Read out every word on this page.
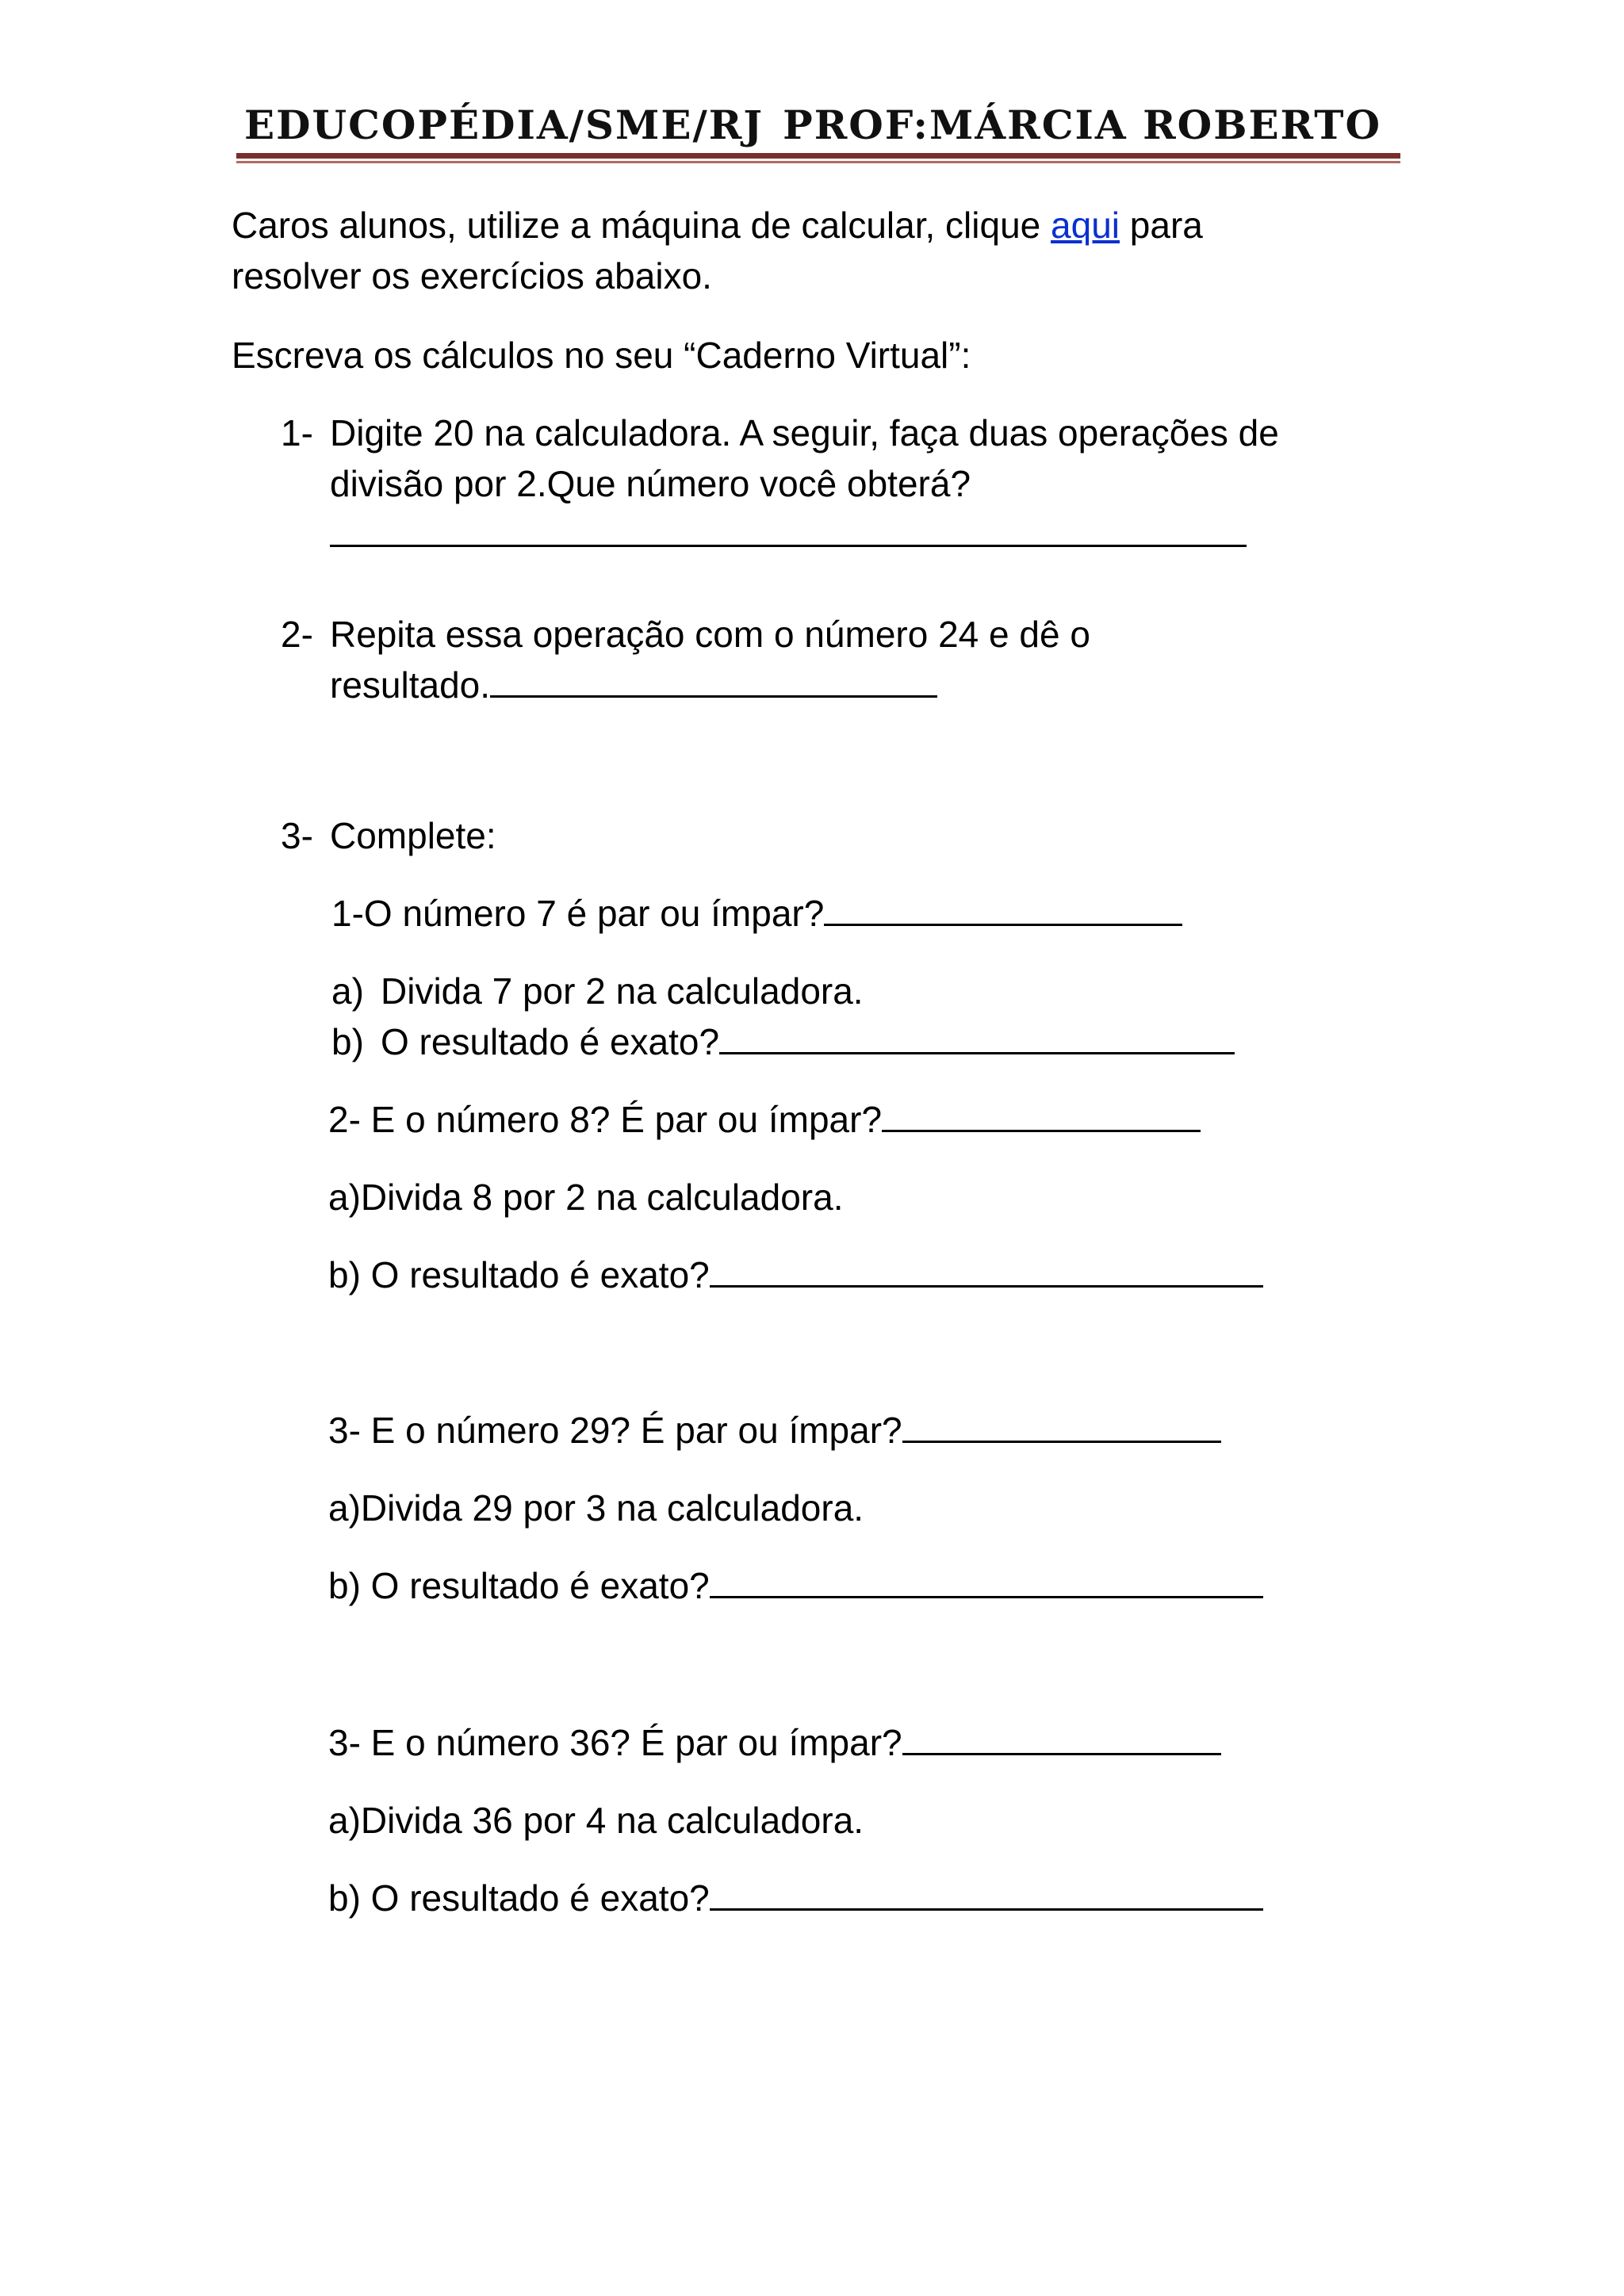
EDUCOPÉDIA/SME/RJ PROF:MÁRCIA ROBERTO
Caros alunos, utilize a máquina de calcular, clique aqui para
resolver os exercícios abaixo.
Escreva os cálculos no seu “Caderno Virtual”:
1- Digite 20 na calculadora. A seguir, faça duas operações de
divisão por 2.Que número você obterá?
2- Repita essa operação com o número 24 e dê o
resultado.
3- Complete:
1-O número 7 é par ou ímpar?
a) Divida 7 por 2 na calculadora.
b) O resultado é exato?
2- E o número 8? É par ou ímpar?
a)Divida 8 por 2 na calculadora.
b) O resultado é exato?
3- E o número 29? É par ou ímpar?
a)Divida 29 por 3 na calculadora.
b) O resultado é exato?
3- E o número 36? É par ou ímpar?
a)Divida 36 por 4 na calculadora.
b) O resultado é exato?
